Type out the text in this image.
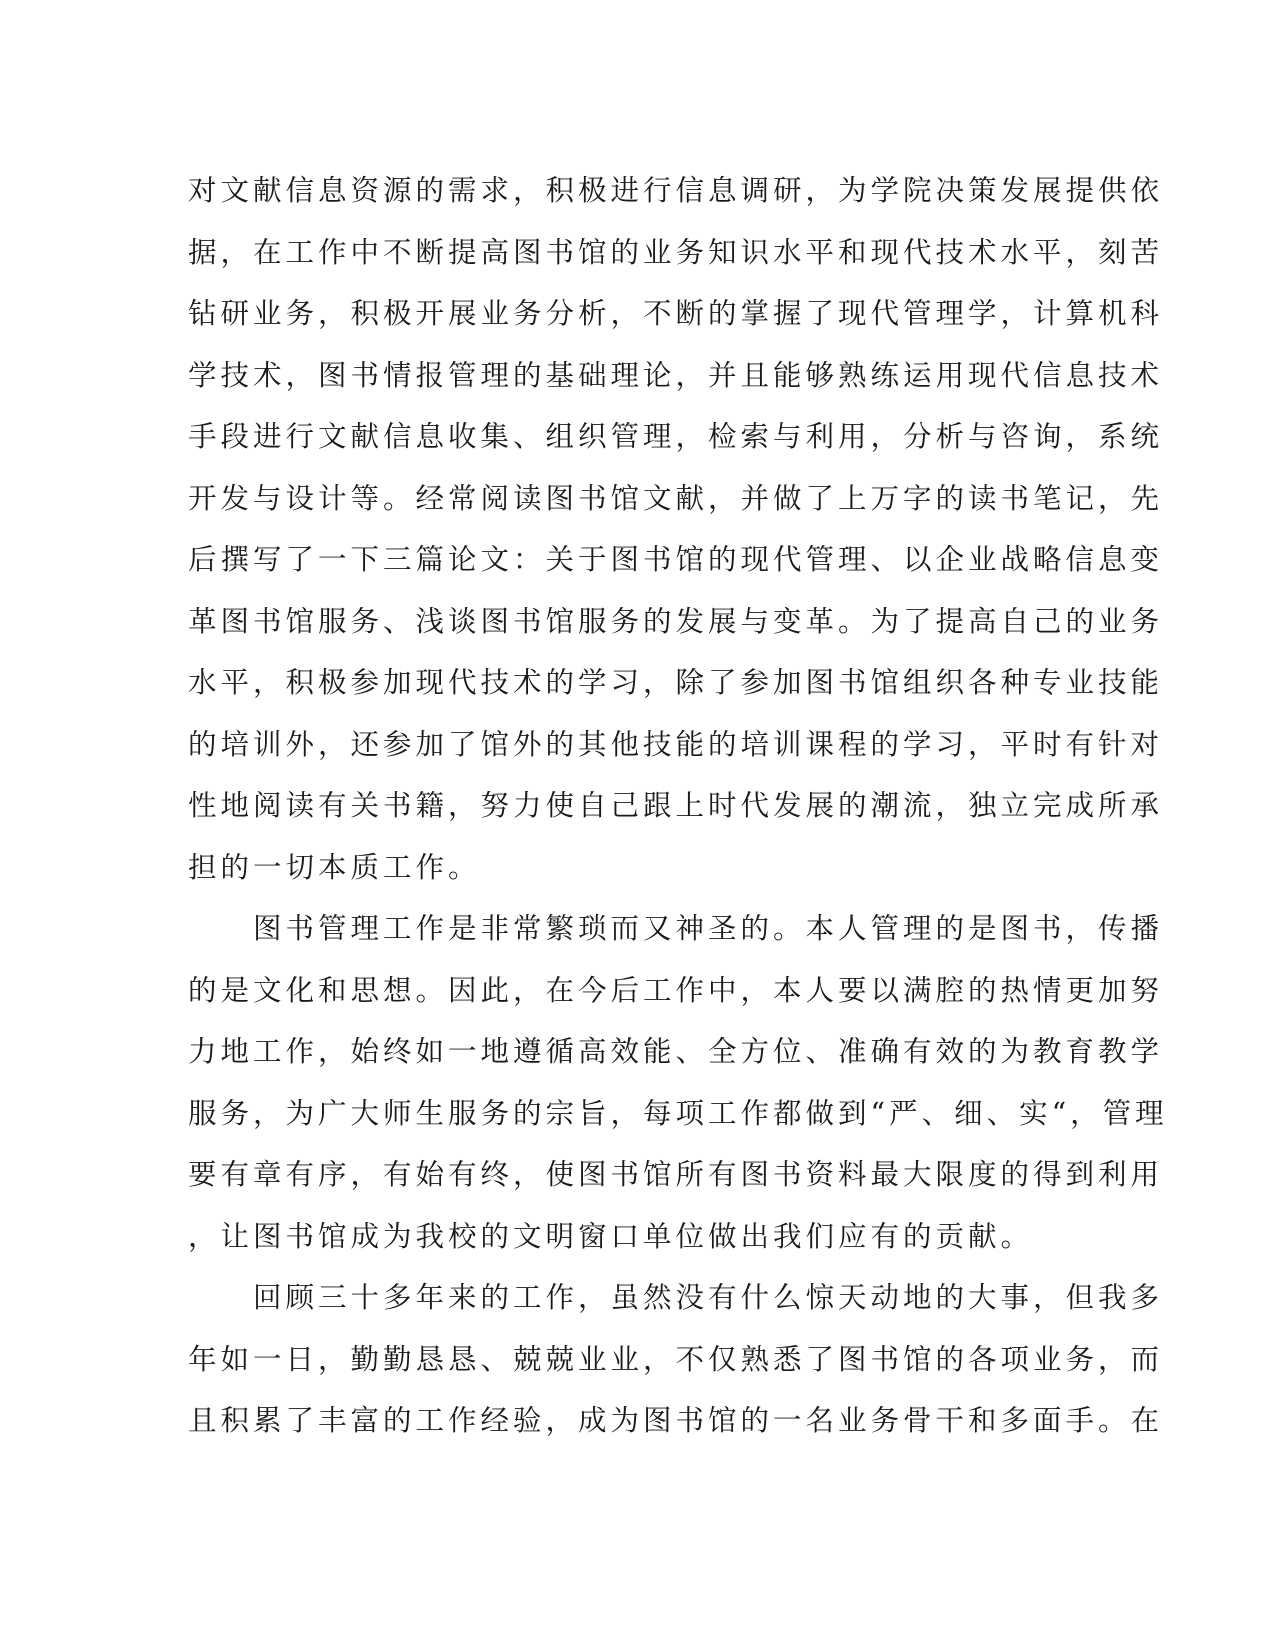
对文献信息资源的需求，积极进行信息调研，为学院决策发展提供依
据，在工作中不断提高图书馆的业务知识水平和现代技术水平，刻苦
钻研业务，积极开展业务分析，不断的掌握了现代管理学，计算机科
学技术，图书情报管理的基础理论，并且能够熟练运用现代信息技术
手段进行文献信息收集、组织管理，检索与利用，分析与咨询，系统
开发与设计等。经常阅读图书馆文献，并做了上万字的读书笔记，先
后撰写了一下三篇论文：关于图书馆的现代管理、以企业战略信息变
革图书馆服务、浅谈图书馆服务的发展与变革。为了提高自己的业务
水平，积极参加现代技术的学习，除了参加图书馆组织各种专业技能
的培训外，还参加了馆外的其他技能的培训课程的学习，平时有针对
性地阅读有关书籍，努力使自己跟上时代发展的潮流，独立完成所承
担的一切本质工作。
　　图书管理工作是非常繁琐而又神圣的。本人管理的是图书，传播
的是文化和思想。因此，在今后工作中，本人要以满腔的热情更加努
力地工作，始终如一地遵循高效能、全方位、准确有效的为教育教学
服务，为广大师生服务的宗旨，每项工作都做到“严、细、实“，管理
要有章有序，有始有终，使图书馆所有图书资料最大限度的得到利用
，让图书馆成为我校的文明窗口单位做出我们应有的贡献。
　　回顾三十多年来的工作，虽然没有什么惊天动地的大事，但我多
年如一日，勤勤恳恳、兢兢业业，不仅熟悉了图书馆的各项业务，而
且积累了丰富的工作经验，成为图书馆的一名业务骨干和多面手。在
